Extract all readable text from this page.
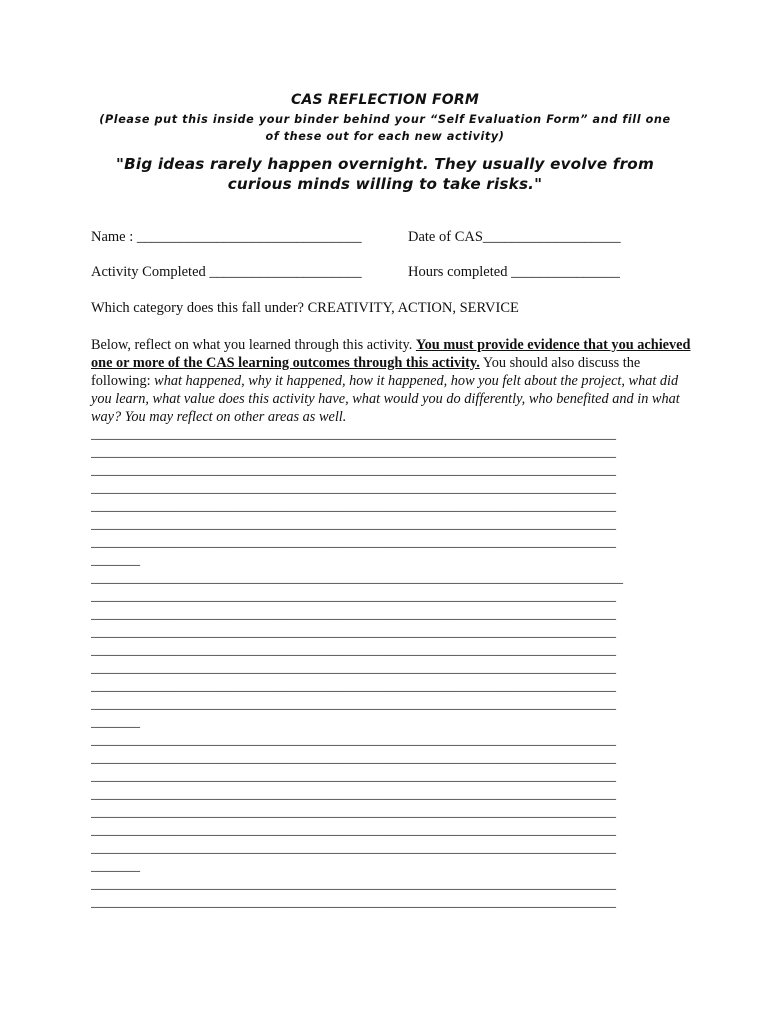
CAS REFLECTION FORM
(Please put this inside your binder behind your “Self Evaluation Form” and fill one
of these out for each new activity)
"Big ideas rarely happen overnight. They usually evolve from
curious minds willing to take risks."
Name : _______________________________	Date of CAS___________________
Activity Completed _____________________	Hours completed _______________
Which category does this fall under? CREATIVITY, ACTION, SERVICE
Below, reflect on what you learned through this activity. You must provide evidence that you achieved one or more of the CAS learning outcomes through this activity. You should also discuss the following: what happened, why it happened, how it happened, how you felt about the project, what did you learn, what value does this activity have, what would you do differently, who benefited and in what way? You may reflect on other areas as well.
___________________________________________________________________________
___________________________________________________________________________
___________________________________________________________________________
___________________________________________________________________________
___________________________________________________________________________
___________________________________________________________________________
___________________________________________________________________________
_______
____________________________________________________________________________
___________________________________________________________________________
___________________________________________________________________________
___________________________________________________________________________
___________________________________________________________________________
___________________________________________________________________________
___________________________________________________________________________
___________________________________________________________________________
_______
___________________________________________________________________________
___________________________________________________________________________
___________________________________________________________________________
___________________________________________________________________________
___________________________________________________________________________
___________________________________________________________________________
___________________________________________________________________________
_______
___________________________________________________________________________
___________________________________________________________________________
